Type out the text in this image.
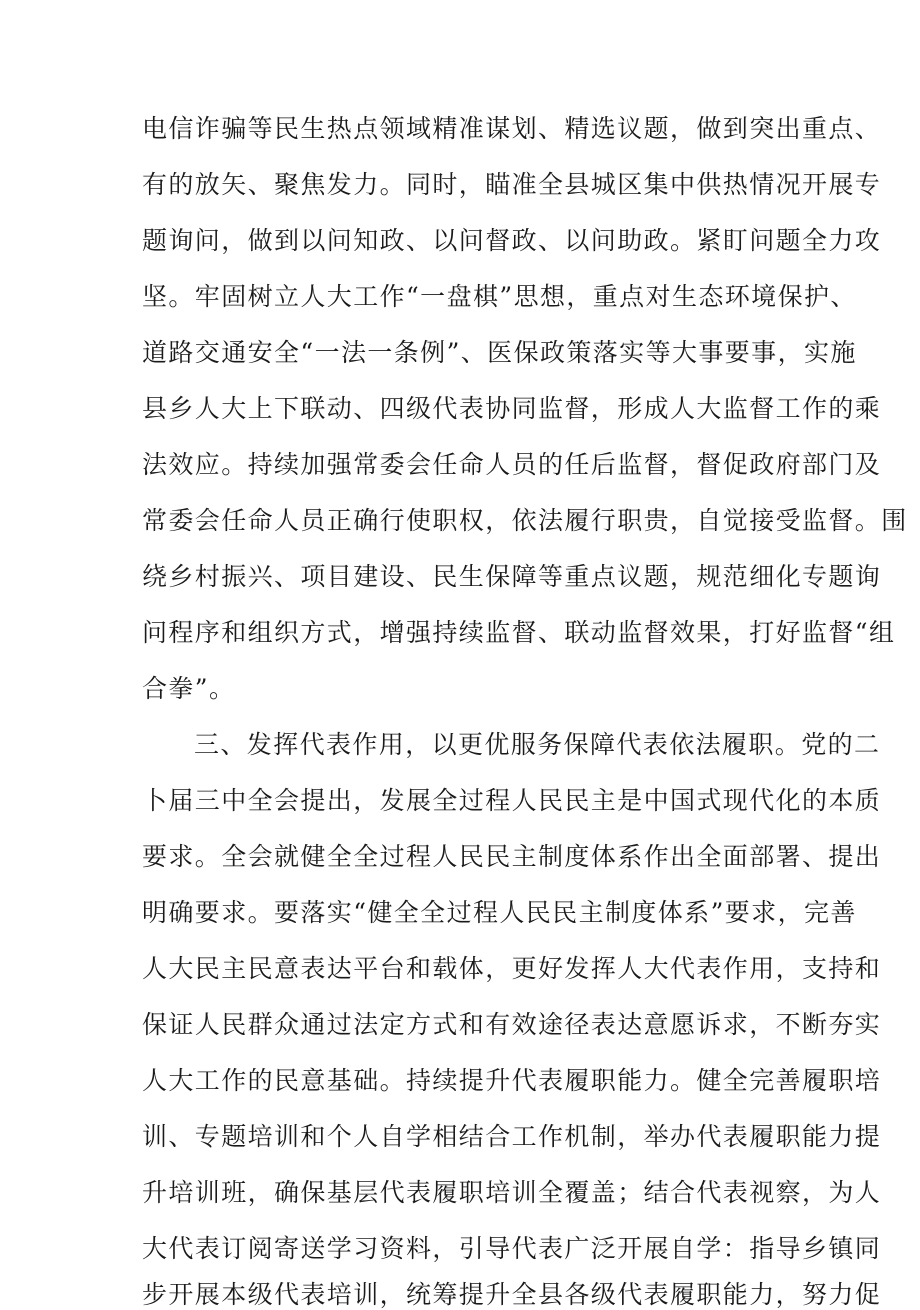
电信诈骗等民生热点领域精准谋划、精选议题，做到突出重点、
有的放矢、聚焦发力。同时，瞄准全县城区集中供热情况开展专
题询问，做到以问知政、以问督政、以问助政。紧盯问题全力攻
坚。牢固树立人大工作“一盘棋”思想，重点对生态环境保护、
道路交通安全“一法一条例”、医保政策落实等大事要事，实施
县乡人大上下联动、四级代表协同监督，形成人大监督工作的乘
法效应。持续加强常委会任命人员的任后监督，督促政府部门及
常委会任命人员正确行使职权，依法履行职贵，自觉接受监督。围
绕乡村振兴、项目建设、民生保障等重点议题，规范细化专题询
问程序和组织方式，增强持续监督、联动监督效果，打好监督“组
合拳”。
三、发挥代表作用，以更优服务保障代表依法履职。党的二
卜届三中全会提出，发展全过程人民民主是中国式现代化的本质
要求。全会就健全全过程人民民主制度体系作出全面部署、提出
明确要求。要落实“健全全过程人民民主制度体系”要求，完善
人大民主民意表达平台和载体，更好发挥人大代表作用，支持和
保证人民群众通过法定方式和有效途径表达意愿诉求，不断夯实
人大工作的民意基础。持续提升代表履职能力。健全完善履职培
训、专题培训和个人自学相结合工作机制，举办代表履职能力提
升培训班，确保基层代表履职培训全覆盖；结合代表视察，为人
大代表订阅寄送学习资料，引导代表广泛开展自学：指导乡镇同
步开展本级代表培训，统筹提升全县各级代表履职能力，努力促
